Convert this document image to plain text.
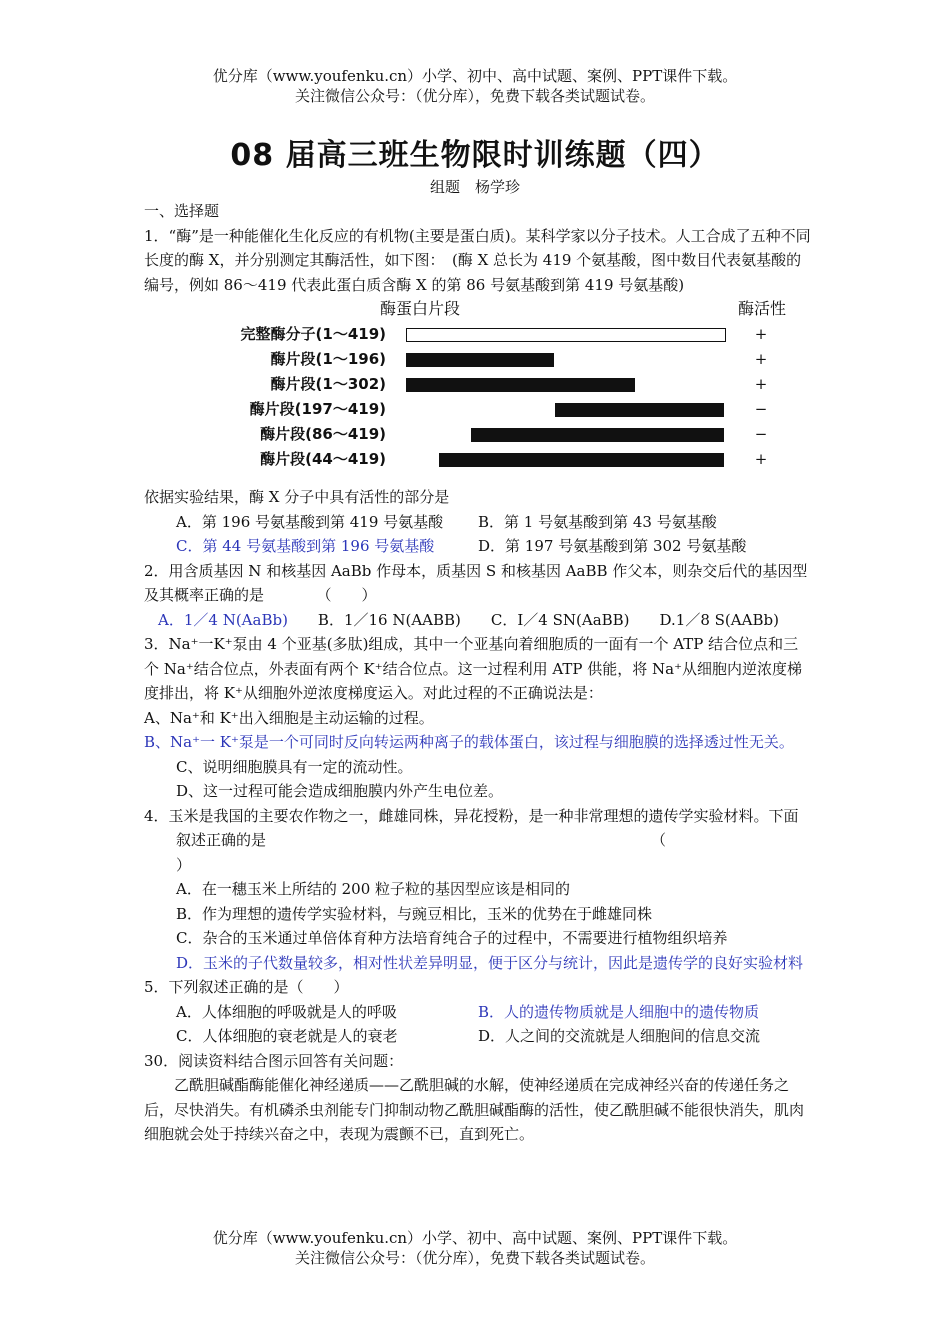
优分库（www.youfenku.cn）小学、初中、高中试题、案例、PPT课件下载。
关注微信公众号：（优分库），免费下载各类试题试卷。
08 届高三班生物限时训练题（四）
组题　杨学珍

一、选择题

1．“酶”是一种能催化生化反应的有机物(主要是蛋白质)。某科学家以分子技术。人工合成了五种不同长度的酶 X，并分别测定其酶活性，如下图：　(酶 X 总长为 419 个氨基酸，图中数目代表氨基酸的编号，例如 86～419 代表此蛋白质含酶 X 的第 86 号氨基酸到第 419 号氨基酸)

酶蛋白片段	酶活性
完整酶分子(1～419)	+
酶片段(1～196)	+
酶片段(1～302)	+
酶片段(197～419)	−
酶片段(86～419)	−
酶片段(44～419)	+

依据实验结果，酶 X 分子中具有活性的部分是

A．第 196 号氨基酸到第 419 号氨基酸	B．第 1 号氨基酸到第 43 号氨基酸
C．第 44 号氨基酸到第 196 号氨基酸	D．第 197 号氨基酸到第 302 号氨基酸

2．用含质基因 N 和核基因 AaBb 作母本，质基因 S 和核基因 AaBB 作父本，则杂交后代的基因型及其概率正确的是　　　　（　　）

A．1／4 N(AaBb) B．1／16 N(AABB) C．I／4 SN(AaBB) D.1／8 S(AABb)

3．Na⁺一K⁺泵由 4 个亚基(多肽)组成，其中一个亚基向着细胞质的一面有一个 ATP 结合位点和三个 Na⁺结合位点，外表面有两个 K⁺结合位点。这一过程利用 ATP 供能，将 Na⁺从细胞内逆浓度梯度排出，将 K⁺从细胞外逆浓度梯度运入。对此过程的不正确说法是：

A、Na⁺和 K⁺出入细胞是主动运输的过程。

B、Na⁺一 K⁺泵是一个可同时反向转运两种离子的载体蛋白，该过程与细胞膜的选择透过性无关。

C、说明细胞膜具有一定的流动性。

D、这一过程可能会造成细胞膜内外产生电位差。

4．玉米是我国的主要农作物之一，雌雄同株，异花授粉，是一种非常理想的遗传学实验材料。下面叙述正确的是	（
）

A．在一穗玉米上所结的 200 粒子粒的基因型应该是相同的

B．作为理想的遗传学实验材料，与豌豆相比，玉米的优势在于雌雄同株

C．杂合的玉米通过单倍体育种方法培育纯合子的过程中，不需要进行植物组织培养

D．玉米的子代数量较多，相对性状差异明显，便于区分与统计，因此是遗传学的良好实验材料

5．下列叙述正确的是（　　）

A．人体细胞的呼吸就是人的呼吸	B．人的遗传物质就是人细胞中的遗传物质
C．人体细胞的衰老就是人的衰老	D．人之间的交流就是人细胞间的信息交流

30．阅读资料结合图示回答有关问题：

乙酰胆碱酯酶能催化神经递质——乙酰胆碱的水解，使神经递质在完成神经兴奋的传递任务之后，尽快消失。有机磷杀虫剂能专门抑制动物乙酰胆碱酯酶的活性，使乙酰胆碱不能很快消失，肌肉细胞就会处于持续兴奋之中，表现为震颤不已，直到死亡。

优分库（www.youfenku.cn）小学、初中、高中试题、案例、PPT课件下载。
关注微信公众号：（优分库），免费下载各类试题试卷。
